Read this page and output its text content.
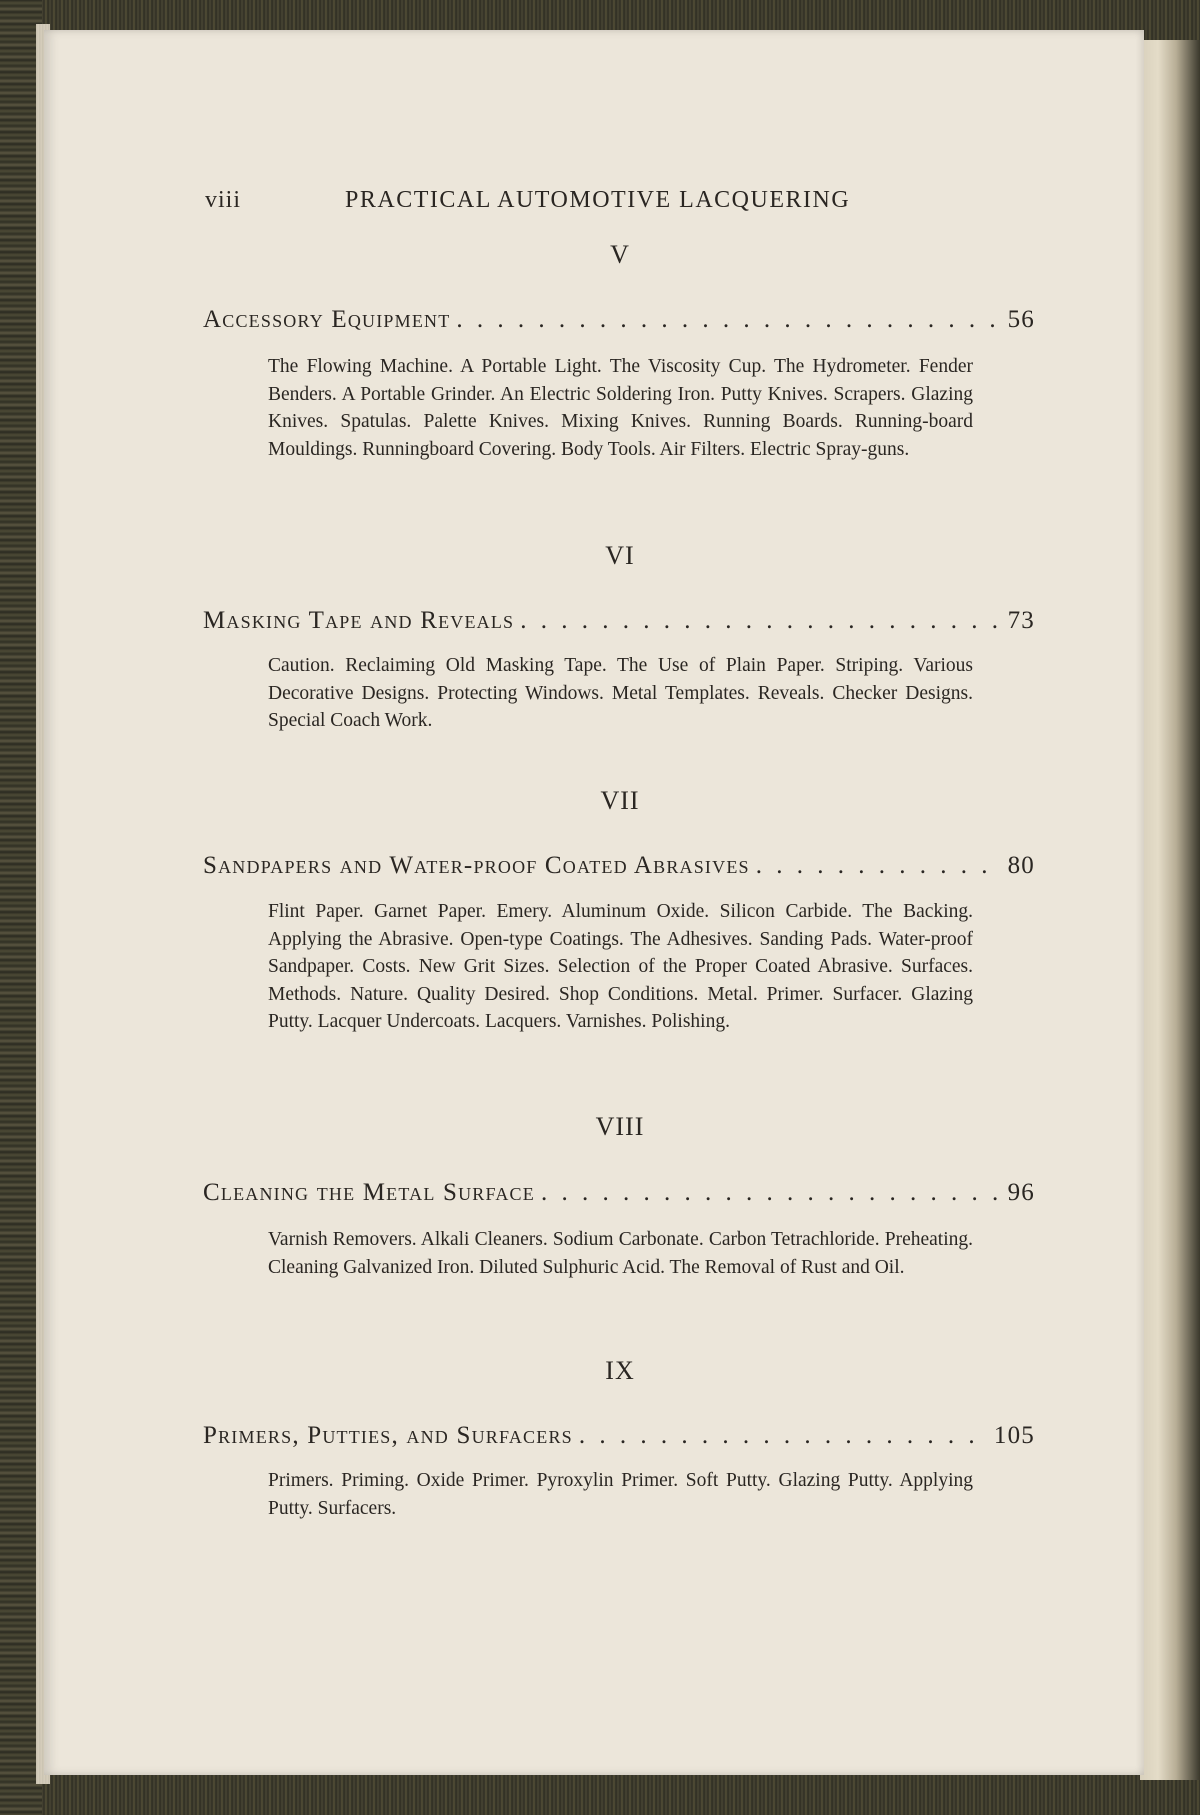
viii	PRACTICAL AUTOMOTIVE LACQUERING
V
Accessory Equipment . . .	56
The Flowing Machine. A Portable Light. The Viscosity Cup. The Hydrometer. Fender Benders. A Portable Grinder. An Electric Soldering Iron. Putty Knives. Scrapers. Glazing Knives. Spatulas. Palette Knives. Mixing Knives. Running Boards. Running-board Mouldings. Runningboard Covering. Body Tools. Air Filters. Electric Spray-guns.
VI
Masking Tape and Reveals . . .	73
Caution. Reclaiming Old Masking Tape. The Use of Plain Paper. Striping. Various Decorative Designs. Protecting Windows. Metal Templates. Reveals. Checker Designs. Special Coach Work.
VII
Sandpapers and Water-proof Coated Abrasives . . .	80
Flint Paper. Garnet Paper. Emery. Aluminum Oxide. Silicon Carbide. The Backing. Applying the Abrasive. Open-type Coatings. The Adhesives. Sanding Pads. Water-proof Sandpaper. Costs. New Grit Sizes. Selection of the Proper Coated Abrasive. Surfaces. Methods. Nature. Quality Desired. Shop Conditions. Metal. Primer. Surfacer. Glazing Putty. Lacquer Undercoats. Lacquers. Varnishes. Polishing.
VIII
Cleaning the Metal Surface . . .	96
Varnish Removers. Alkali Cleaners. Sodium Carbonate. Carbon Tetrachloride. Preheating. Cleaning Galvanized Iron. Diluted Sulphuric Acid. The Removal of Rust and Oil.
IX
Primers, Putties, and Surfacers . . .	105
Primers. Priming. Oxide Primer. Pyroxylin Primer. Soft Putty. Glazing Putty. Applying Putty. Surfacers.
